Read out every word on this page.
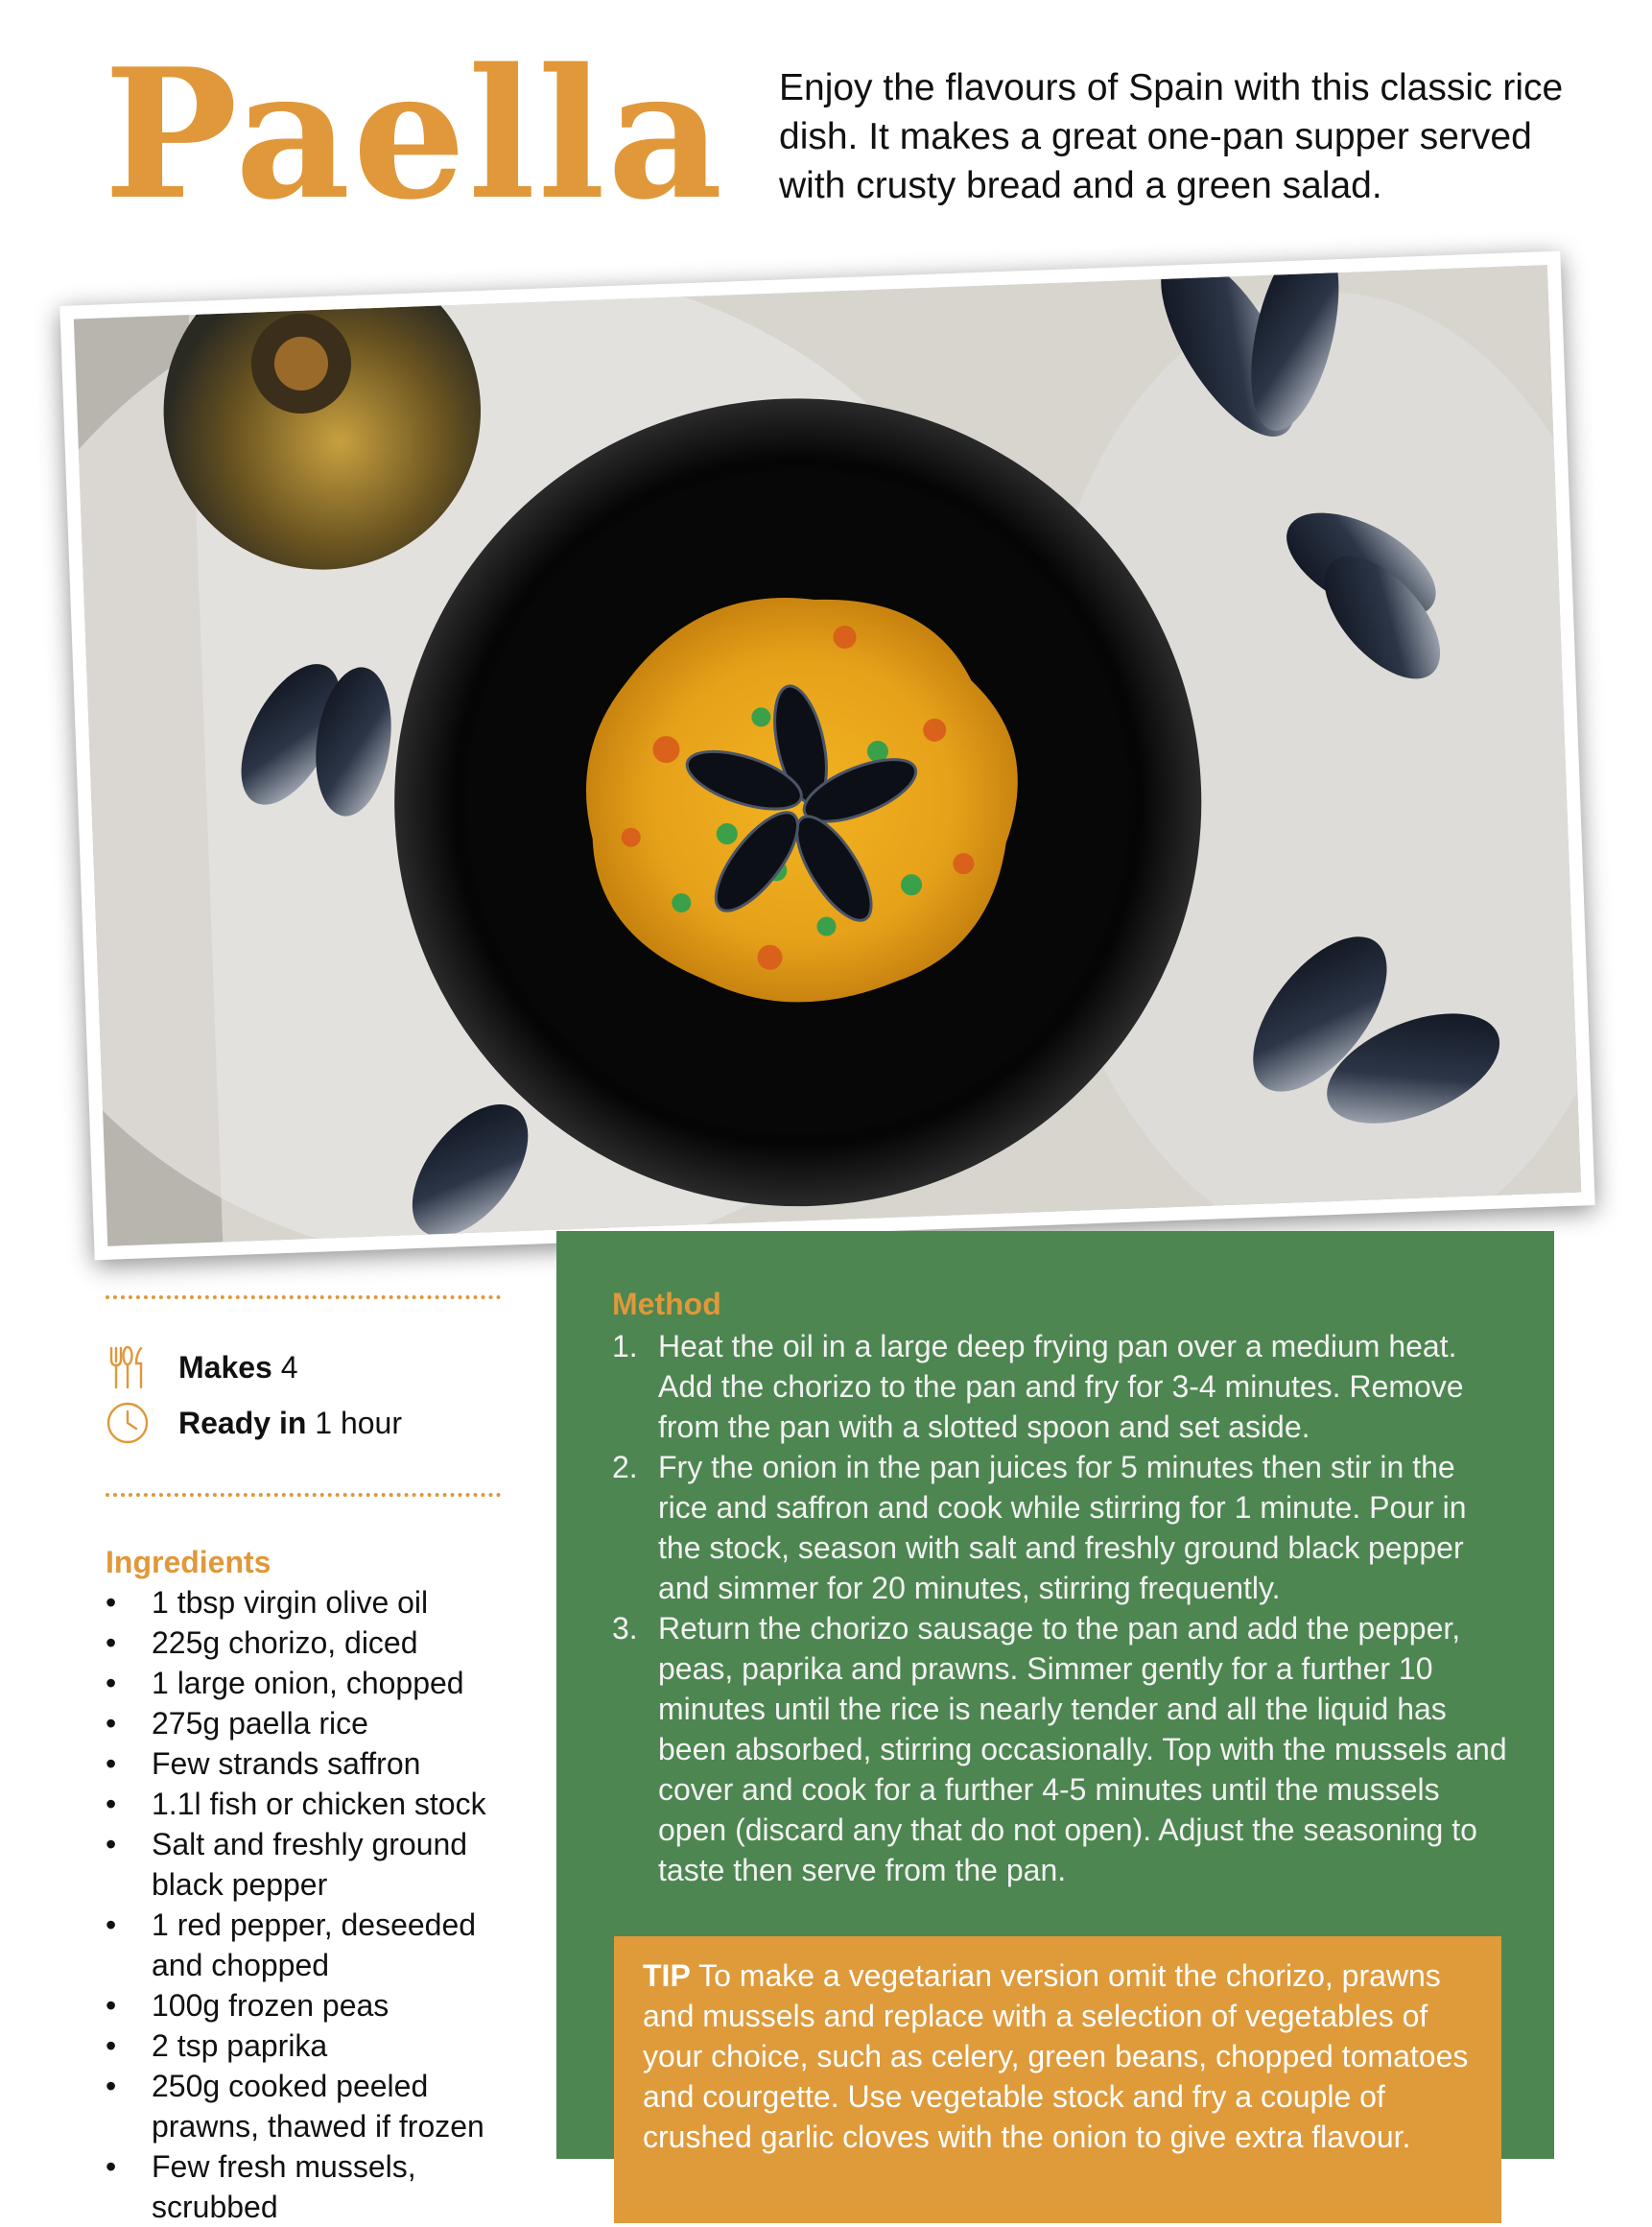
Paella Enjoy the flavours of Spain with this classic rice dish. It makes a great one-pan supper served with crusty bread and a green salad.

Makes 4
Ready in 1 hour
Ingredients
• 1 tbsp virgin olive oil
• 225g chorizo, diced
• 1 large onion, chopped
• 275g paella rice
• Few strands saffron
• 1.1l fish or chicken stock
• Salt and freshly ground black pepper
• 1 red pepper, deseeded and chopped
• 100g frozen peas
• 2 tsp paprika
• 250g cooked peeled prawns, thawed if frozen
• Few fresh mussels, scrubbed
Method
1. Heat the oil in a large deep frying pan over a medium heat. Add the chorizo to the pan and fry for 3-4 minutes. Remove from the pan with a slotted spoon and set aside.
2. Fry the onion in the pan juices for 5 minutes then stir in the rice and saffron and cook while stirring for 1 minute. Pour in the stock, season with salt and freshly ground black pepper and simmer for 20 minutes, stirring frequently.
3. Return the chorizo sausage to the pan and add the pepper, peas, paprika and prawns. Simmer gently for a further 10 minutes until the rice is nearly tender and all the liquid has been absorbed, stirring occasionally. Top with the mussels and cover and cook for a further 4-5 minutes until the mussels open (discard any that do not open). Adjust the seasoning to taste then serve from the pan.
TIP To make a vegetarian version omit the chorizo, prawns and mussels and replace with a selection of vegetables of your choice, such as celery, green beans, chopped tomatoes and courgette. Use vegetable stock and fry a couple of crushed garlic cloves with the onion to give extra flavour.
